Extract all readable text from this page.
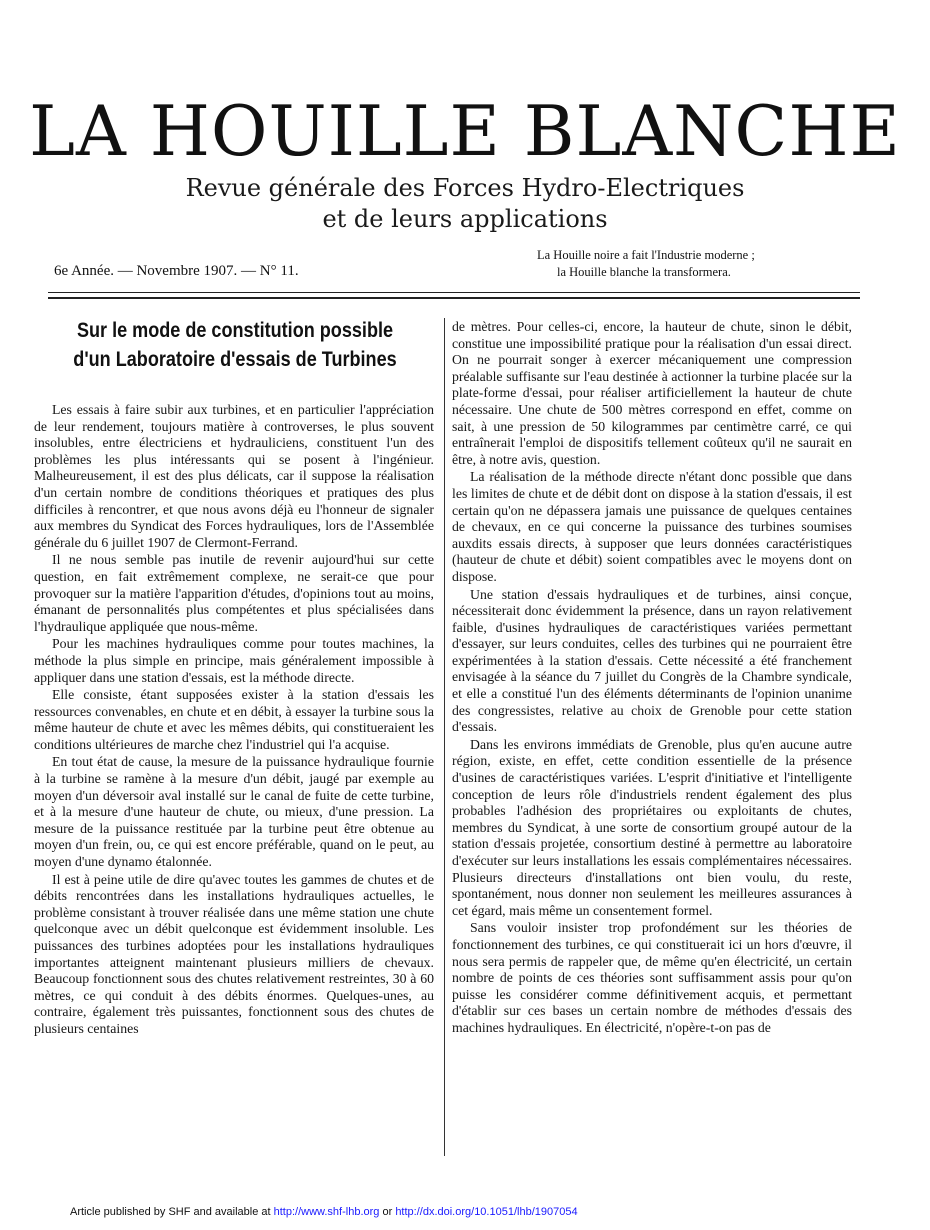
LA HOUILLE BLANCHE
Revue générale des Forces Hydro-Electriques
et de leurs applications
La Houille noire a fait l'Industrie moderne ;
la Houille blanche la transformera.
6e Année. — Novembre 1907. — N° 11.
Sur le mode de constitution possible d'un Laboratoire d'essais de Turbines

Les essais à faire subir aux turbines, et en particulier l'appréciation de leur rendement, toujours matière à controverses, le plus souvent insolubles, entre électriciens et hydrauliciens, constituent l'un des problèmes les plus intéressants qui se posent à l'ingénieur. Malheureusement, il est des plus délicats, car il suppose la réalisation d'un certain nombre de conditions théoriques et pratiques des plus difficiles à rencontrer, et que nous avons déjà eu l'honneur de signaler aux membres du Syndicat des Forces hydrauliques, lors de l'Assemblée générale du 6 juillet 1907 de Clermont-Ferrand.

Il ne nous semble pas inutile de revenir aujourd'hui sur cette question, en fait extrêmement complexe, ne serait-ce que pour provoquer sur la matière l'apparition d'études, d'opinions tout au moins, émanant de personnalités plus compétentes et plus spécialisées dans l'hydraulique appliquée que nous-même.

Pour les machines hydrauliques comme pour toutes machines, la méthode la plus simple en principe, mais généralement impossible à appliquer dans une station d'essais, est la méthode directe.

Elle consiste, étant supposées exister à la station d'essais les ressources convenables, en chute et en débit, à essayer la turbine sous la même hauteur de chute et avec les mêmes débits, qui constitueraient les conditions ultérieures de marche chez l'industriel qui l'a acquise.

En tout état de cause, la mesure de la puissance hydraulique fournie à la turbine se ramène à la mesure d'un débit, jaugé par exemple au moyen d'un déversoir aval installé sur le canal de fuite de cette turbine, et à la mesure d'une hauteur de chute, ou mieux, d'une pression. La mesure de la puissance restituée par la turbine peut être obtenue au moyen d'un frein, ou, ce qui est encore préférable, quand on le peut, au moyen d'une dynamo étalonnée.

Il est à peine utile de dire qu'avec toutes les gammes de chutes et de débits rencontrées dans les installations hydrauliques actuelles, le problème consistant à trouver réalisée dans une même station une chute quelconque avec un débit quelconque est évidemment insoluble. Les puissances des turbines adoptées pour les installations hydrauliques importantes atteignent maintenant plusieurs milliers de chevaux. Beaucoup fonctionnent sous des chutes relativement restreintes, 30 à 60 mètres, ce qui conduit à des débits énormes. Quelques-unes, au contraire, également très puissantes, fonctionnent sous des chutes de plusieurs centaines

de mètres. Pour celles-ci, encore, la hauteur de chute, sinon le débit, constitue une impossibilité pratique pour la réalisation d'un essai direct. On ne pourrait songer à exercer mécaniquement une compression préalable suffisante sur l'eau destinée à actionner la turbine placée sur la plate-forme d'essai, pour réaliser artificiellement la hauteur de chute nécessaire. Une chute de 500 mètres correspond en effet, comme on sait, à une pression de 50 kilogrammes par centimètre carré, ce qui entraînerait l'emploi de dispositifs tellement coûteux qu'il ne saurait en être, à notre avis, question.

La réalisation de la méthode directe n'étant donc possible que dans les limites de chute et de débit dont on dispose à la station d'essais, il est certain qu'on ne dépassera jamais une puissance de quelques centaines de chevaux, en ce qui concerne la puissance des turbines soumises auxdits essais directs, à supposer que leurs données caractéristiques (hauteur de chute et débit) soient compatibles avec le moyens dont on dispose.

Une station d'essais hydrauliques et de turbines, ainsi conçue, nécessiterait donc évidemment la présence, dans un rayon relativement faible, d'usines hydrauliques de caractéristiques variées permettant d'essayer, sur leurs conduites, celles des turbines qui ne pourraient être expérimentées à la station d'essais. Cette nécessité a été franchement envisagée à la séance du 7 juillet du Congrès de la Chambre syndicale, et elle a constitué l'un des éléments déterminants de l'opinion unanime des congressistes, relative au choix de Grenoble pour cette station d'essais.

Dans les environs immédiats de Grenoble, plus qu'en aucune autre région, existe, en effet, cette condition essentielle de la présence d'usines de caractéristiques variées. L'esprit d'initiative et l'intelligente conception de leurs rôle d'industriels rendent également des plus probables l'adhésion des propriétaires ou exploitants de chutes, membres du Syndicat, à une sorte de consortium groupé autour de la station d'essais projetée, consortium destiné à permettre au laboratoire d'exécuter sur leurs installations les essais complémentaires nécessaires. Plusieurs directeurs d'installations ont bien voulu, du reste, spontanément, nous donner non seulement les meilleures assurances à cet égard, mais même un consentement formel.

Sans vouloir insister trop profondément sur les théories de fonctionnement des turbines, ce qui constituerait ici un hors d'œuvre, il nous sera permis de rappeler que, de même qu'en électricité, un certain nombre de points de ces théories sont suffisamment assis pour qu'on puisse les considérer comme définitivement acquis, et permettant d'établir sur ces bases un certain nombre de méthodes d'essais des machines hydrauliques. En électricité, n'opère-t-on pas de

Article published by SHF and available at http://www.shf-lhb.org or http://dx.doi.org/10.1051/lhb/1907054
